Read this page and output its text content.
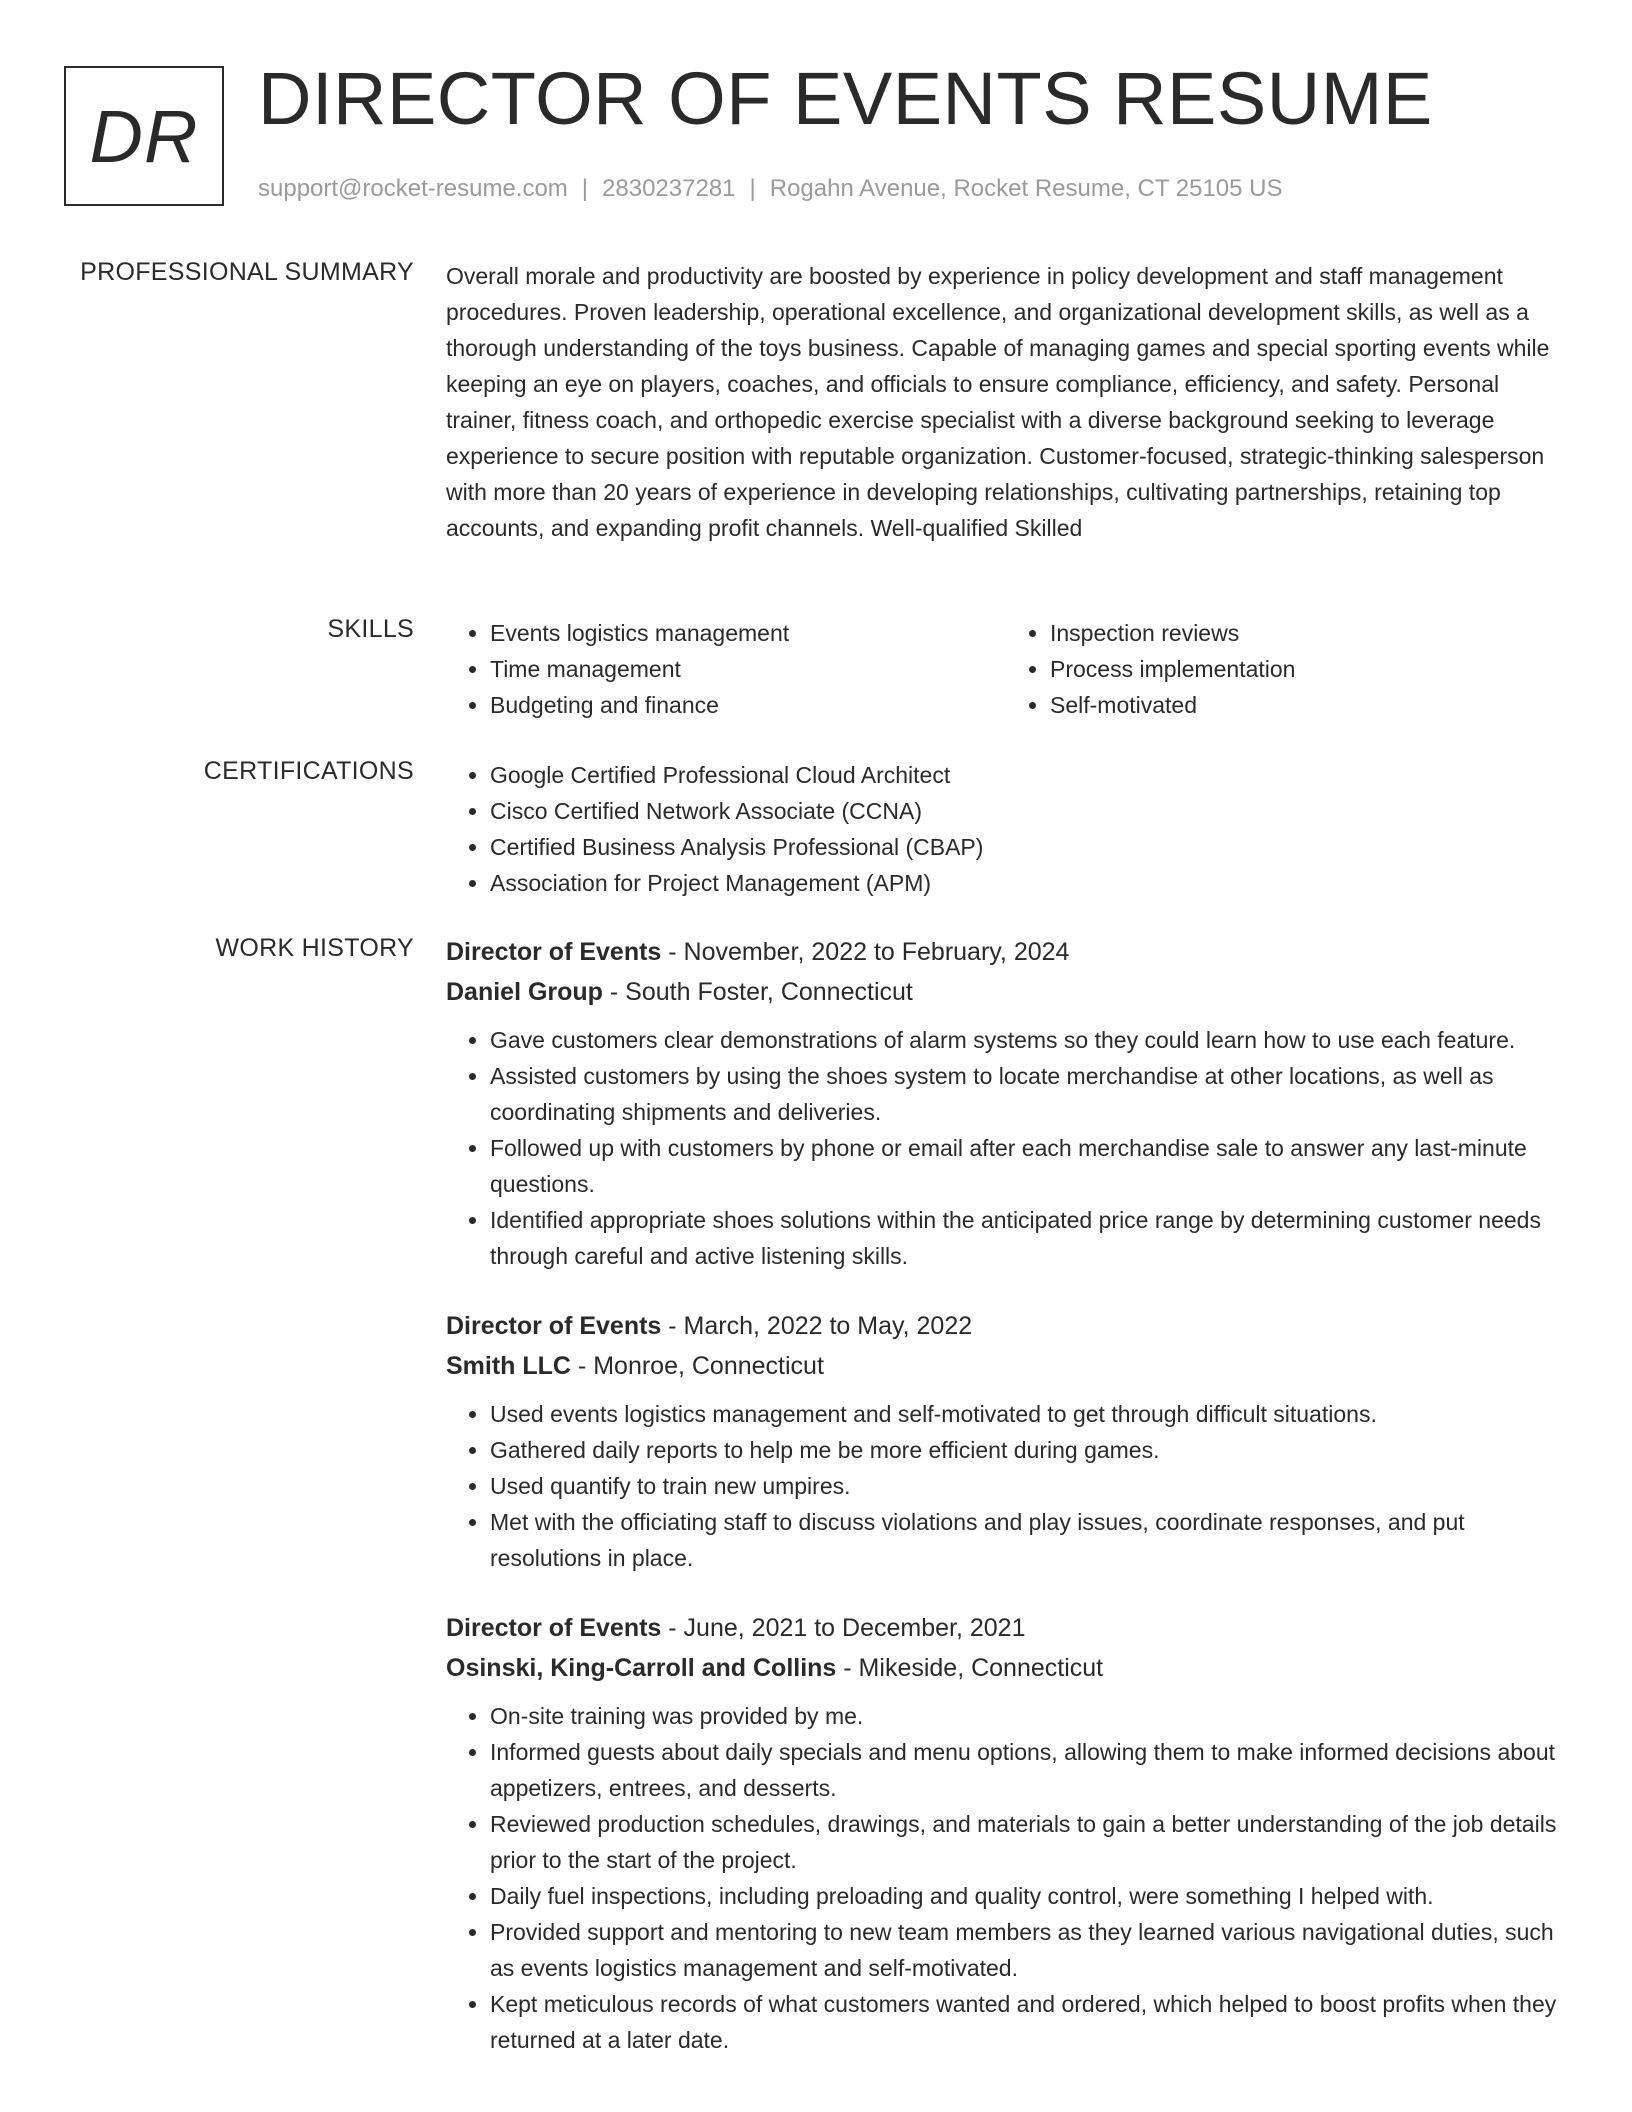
DR DIRECTOR OF EVENTS RESUME
support@rocket-resume.com | 2830237281 | Rogahn Avenue, Rocket Resume, CT 25105 US
PROFESSIONAL SUMMARY Overall morale and productivity are boosted by experience in policy development and staff management procedures. Proven leadership, operational excellence, and organizational development skills, as well as a thorough understanding of the toys business. Capable of managing games and special sporting events while keeping an eye on players, coaches, and officials to ensure compliance, efficiency, and safety. Personal trainer, fitness coach, and orthopedic exercise specialist with a diverse background seeking to leverage experience to secure position with reputable organization. Customer-focused, strategic-thinking salesperson with more than 20 years of experience in developing relationships, cultivating partnerships, retaining top accounts, and expanding profit channels. Well-qualified Skilled

SKILLS	• Events logistics management
• Time management
• Budgeting and finance
• Inspection reviews
• Process implementation
• Self-motivated
CERTIFICATIONS	• Google Certified Professional Cloud Architect
• Cisco Certified Network Associate (CCNA)
• Certified Business Analysis Professional (CBAP)
• Association for Project Management (APM)
WORK HISTORY Director of Events - November, 2022 to February, 2024
Daniel Group - South Foster, Connecticut
• Gave customers clear demonstrations of alarm systems so they could learn how to use each feature.
• Assisted customers by using the shoes system to locate merchandise at other locations, as well as coordinating shipments and deliveries.
• Followed up with customers by phone or email after each merchandise sale to answer any last-minute questions.
• Identified appropriate shoes solutions within the anticipated price range by determining customer needs through careful and active listening skills.
Director of Events - March, 2022 to May, 2022
Smith LLC - Monroe, Connecticut
• Used events logistics management and self-motivated to get through difficult situations.
• Gathered daily reports to help me be more efficient during games.
• Used quantify to train new umpires.
• Met with the officiating staff to discuss violations and play issues, coordinate responses, and put resolutions in place.
Director of Events - June, 2021 to December, 2021
Osinski, King-Carroll and Collins - Mikeside, Connecticut
• On-site training was provided by me.
• Informed guests about daily specials and menu options, allowing them to make informed decisions about appetizers, entrees, and desserts.
• Reviewed production schedules, drawings, and materials to gain a better understanding of the job details prior to the start of the project.
• Daily fuel inspections, including preloading and quality control, were something I helped with.
• Provided support and mentoring to new team members as they learned various navigational duties, such as events logistics management and self-motivated.
• Kept meticulous records of what customers wanted and ordered, which helped to boost profits when they returned at a later date.
